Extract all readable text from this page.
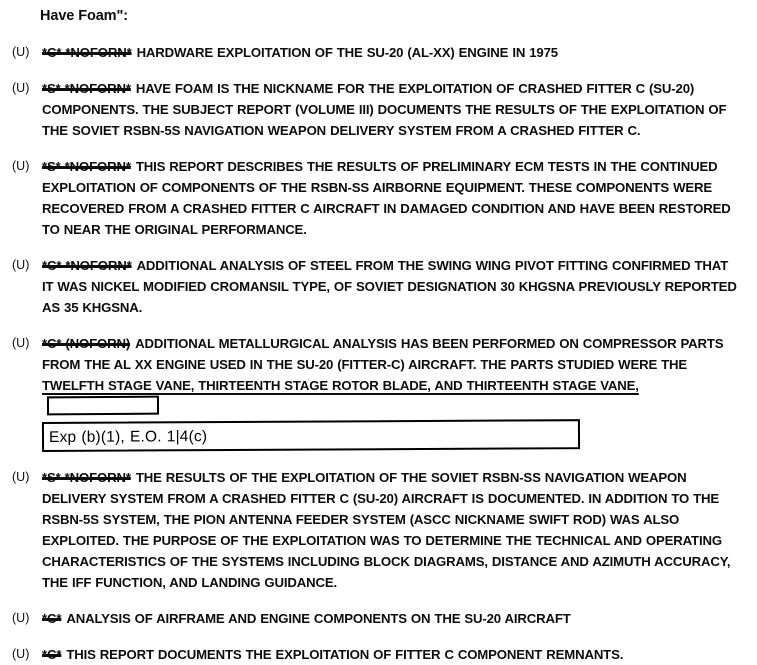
Have Foam":
(U) *C* *NOFORN* HARDWARE EXPLOITATION OF THE SU-20 (AL-XX) ENGINE IN 1975
(U) *S* *NOFORN* HAVE FOAM IS THE NICKNAME FOR THE EXPLOITATION OF CRASHED FITTER C (SU-20) COMPONENTS. THE SUBJECT REPORT (VOLUME III) DOCUMENTS THE RESULTS OF THE EXPLOITATION OF THE SOVIET RSBN-5S NAVIGATION WEAPON DELIVERY SYSTEM FROM A CRASHED FITTER C.
(U) *S* *NOFORN* THIS REPORT DESCRIBES THE RESULTS OF PRELIMINARY ECM TESTS IN THE CONTINUED EXPLOITATION OF COMPONENTS OF THE RSBN-SS AIRBORNE EQUIPMENT. THESE COMPONENTS WERE RECOVERED FROM A CRASHED FITTER C AIRCRAFT IN DAMAGED CONDITION AND HAVE BEEN RESTORED TO NEAR THE ORIGINAL PERFORMANCE.
(U) *C* *NOFORN* ADDITIONAL ANALYSIS OF STEEL FROM THE SWING WING PIVOT FITTING CONFIRMED THAT IT WAS NICKEL MODIFIED CROMANSIL TYPE, OF SOVIET DESIGNATION 30 KHGSNA PREVIOUSLY REPORTED AS 35 KHGSNA.
(U) *C* (NOFORN) ADDITIONAL METALLURGICAL ANALYSIS HAS BEEN PERFORMED ON COMPRESSOR PARTS FROM THE AL XX ENGINE USED IN THE SU-20 (FITTER-C) AIRCRAFT. THE PARTS STUDIED WERE THE TWELFTH STAGE VANE, THIRTEENTH STAGE ROTOR BLADE, AND THIRTEENTH STAGE VANE,
Exp (b)(1), E.O. 1|4(c)
(U) *S* *NOFORN* THE RESULTS OF THE EXPLOITATION OF THE SOVIET RSBN-SS NAVIGATION WEAPON DELIVERY SYSTEM FROM A CRASHED FITTER C (SU-20) AIRCRAFT IS DOCUMENTED. IN ADDITION TO THE RSBN-5S SYSTEM, THE PION ANTENNA FEEDER SYSTEM (ASCC NICKNAME SWIFT ROD) WAS ALSO EXPLOITED. THE PURPOSE OF THE EXPLOITATION WAS TO DETERMINE THE TECHNICAL AND OPERATING CHARACTERISTICS OF THE SYSTEMS INCLUDING BLOCK DIAGRAMS, DISTANCE AND AZIMUTH ACCURACY, THE IFF FUNCTION, AND LANDING GUIDANCE.
(U) *C* ANALYSIS OF AIRFRAME AND ENGINE COMPONENTS ON THE SU-20 AIRCRAFT
(U) *C* THIS REPORT DOCUMENTS THE EXPLOITATION OF FITTER C COMPONENT REMNANTS.
